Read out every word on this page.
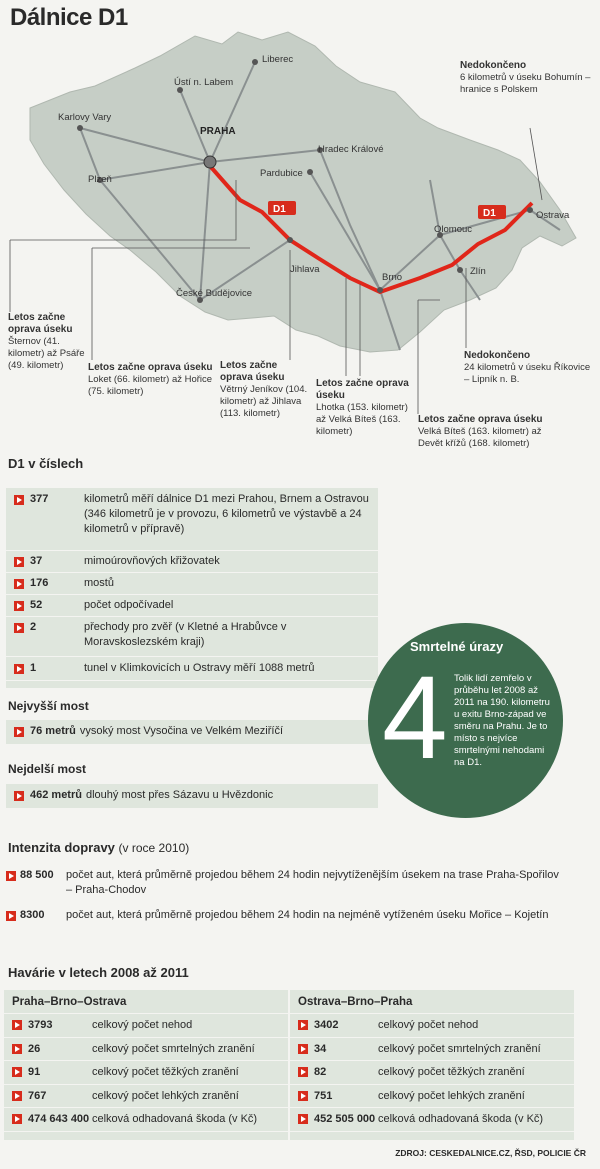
Dálnice D1
D1	D1
Liberec
Ústí n. Labem
Karlovy Vary
PRAHA
Hradec Králové
Plzeň
Pardubice
Olomouc
Ostrava
Jihlava
Brno
Zlín
České Budějovice
Nedokončeno
6 kilometrů v úseku Bohumín – hranice s Polskem
Letos začne oprava úseku
Šternov (41. kilometr) až Psáře (49. kilometr)	Letos začne oprava úseku
Loket (66. kilometr) až Hořice (75. kilometr)
Letos začne oprava úseku
Větrný Jeníkov (104. kilometr) až Jihlava (113. kilometr)
Nedokončeno
24 kilometrů v úseku Říkovice – Lipník n. B.
Letos začne oprava úseku
Lhotka (153. kilometr) až Velká Bíteš (163. kilometr)
Letos začne oprava úseku
Velká Bíteš (163. kilometr) až Devět křížů (168. kilometr)
D1 v číslech
377	kilometrů měří dálnice D1 mezi Prahou, Brnem a Ostravou (346 kilometrů je v provozu, 6 kilometrů ve výstavbě a 24 kilometrů v přípravě)
37	mimoúrovňových křižovatek
176	mostů
52	počet odpočívadel
2	přechody pro zvěř (v Kletné a Hrabůvce v Moravskoslezském kraji)
1	tunel v Klimkovicích u Ostravy měří 1088 metrů
Nejvyšší most
76 metrů vysoký most Vysočina ve Velkém Meziříčí
Nejdelší most
462 metrů dlouhý most přes Sázavu u Hvězdonic
Smrtelné úrazy
4 Tolik lidí zemřelo v průběhu let 2008 až 2011 na 190. kilometru u exitu Brno-západ ve směru na Prahu. Je to místo s nejvíce smrtelnými nehodami na D1.
Intenzita dopravy (v roce 2010)
88 500	počet aut, která průměrně projedou během 24 hodin nejvytíženějším úsekem na trase Praha-Spořilov – Praha-Chodov
8300	počet aut, která průměrně projedou během 24 hodin na nejméně vytíženém úseku Mořice – Kojetín
Havárie v letech 2008 až 2011
Praha–Brno–Ostrava
3793	celkový počet nehod
26	celkový počet smrtelných zranění
91	celkový počet těžkých zranění
767	celkový počet lehkých zranění
474 643 400 celková odhadovaná škoda (v Kč)
Ostrava–Brno–Praha
3402	celkový počet nehod
34	celkový počet smrtelných zranění
82	celkový počet těžkých zranění
751	celkový počet lehkých zranění
452 505 000 celková odhadovaná škoda (v Kč)
ZDROJ: CESKEDALNICE.CZ, ŘSD, POLICIE ČR
